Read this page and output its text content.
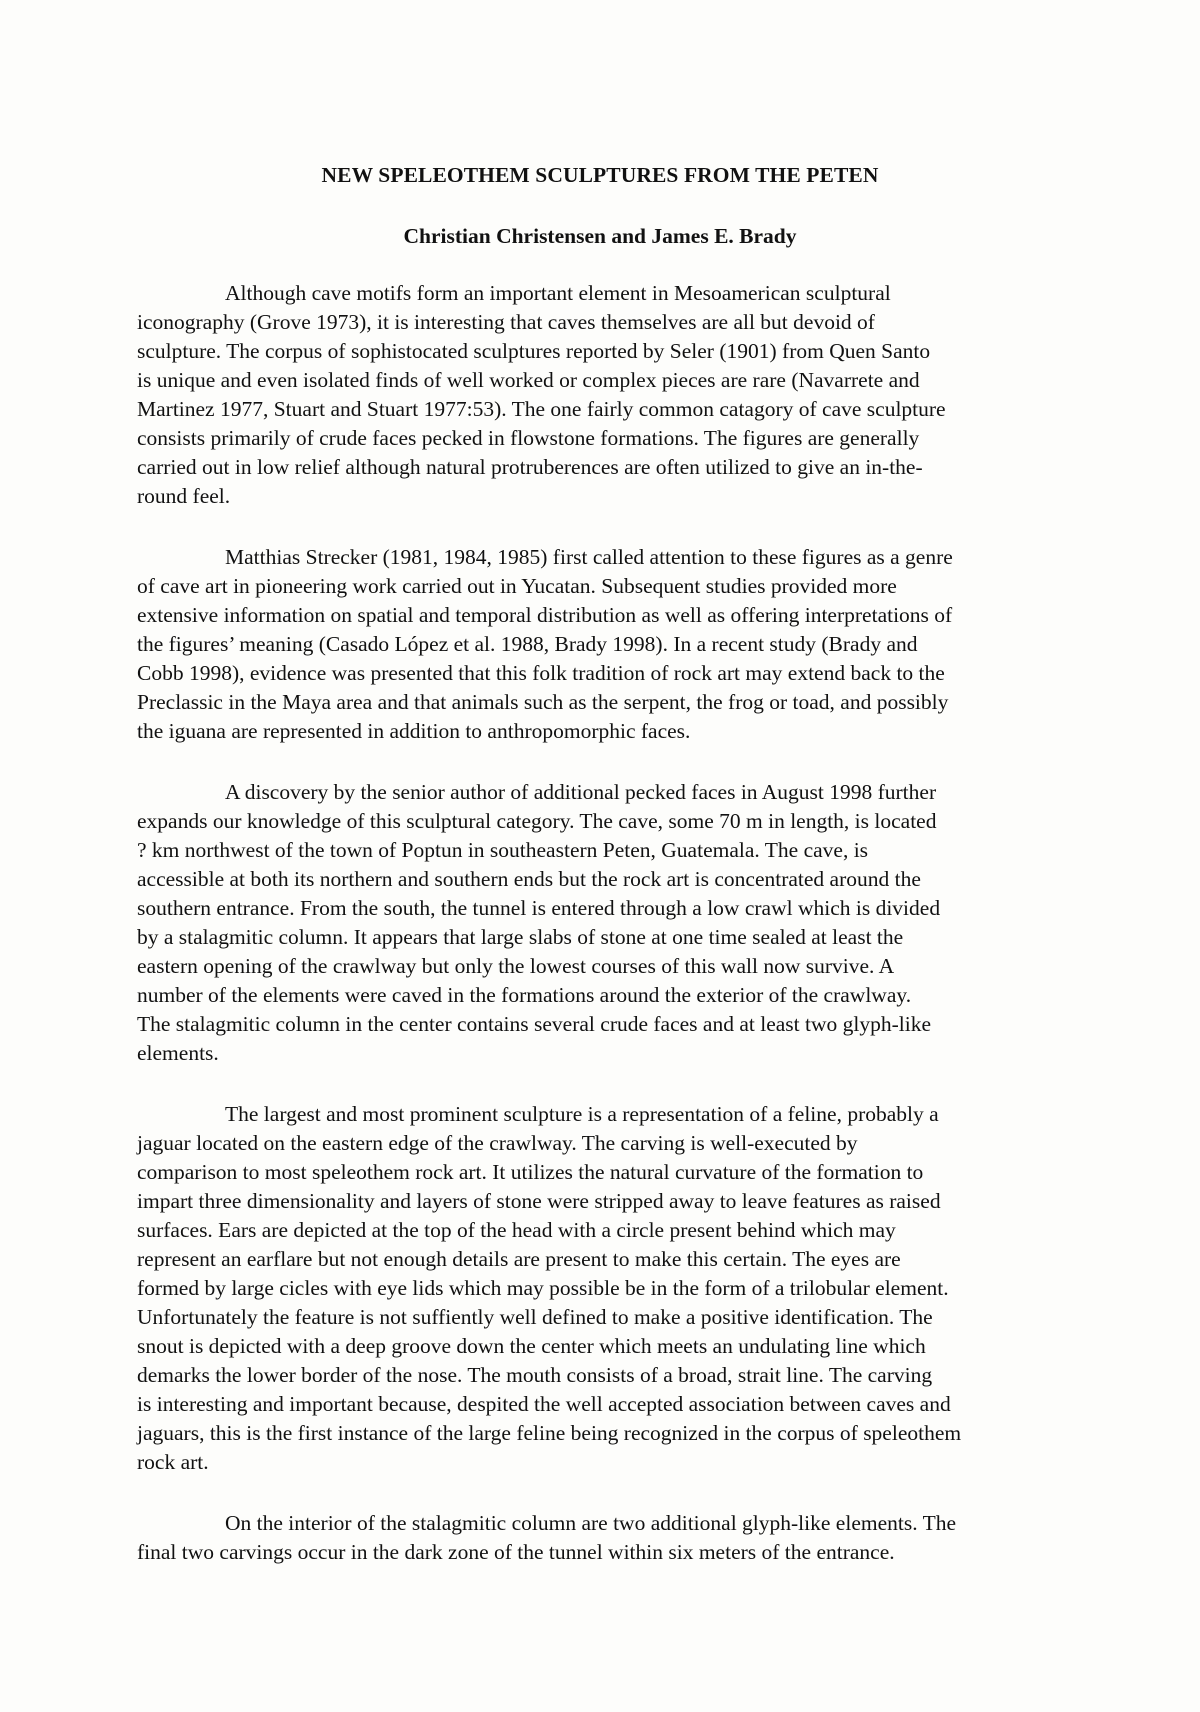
NEW SPELEOTHEM SCULPTURES FROM THE PETEN
Christian Christensen and James E. Brady
Although cave motifs form an important element in Mesoamerican sculptural
iconography (Grove 1973), it is interesting that caves themselves are all but devoid of
sculpture. The corpus of sophistocated sculptures reported by Seler (1901) from Quen Santo
is unique and even isolated finds of well worked or complex pieces are rare (Navarrete and
Martinez 1977, Stuart and Stuart 1977:53). The one fairly common catagory of cave sculpture
consists primarily of crude faces pecked in flowstone formations. The figures are generally
carried out in low relief although natural protruberences are often utilized to give an in-the-
round feel.
Matthias Strecker (1981, 1984, 1985) first called attention to these figures as a genre
of cave art in pioneering work carried out in Yucatan. Subsequent studies provided more
extensive information on spatial and temporal distribution as well as offering interpretations of
the figures’ meaning (Casado López et al. 1988, Brady 1998). In a recent study (Brady and
Cobb 1998), evidence was presented that this folk tradition of rock art may extend back to the
Preclassic in the Maya area and that animals such as the serpent, the frog or toad, and possibly
the iguana are represented in addition to anthropomorphic faces.
A discovery by the senior author of additional pecked faces in August 1998 further
expands our knowledge of this sculptural category. The cave, some 70 m in length, is located
? km northwest of the town of Poptun in southeastern Peten, Guatemala. The cave, is
accessible at both its northern and southern ends but the rock art is concentrated around the
southern entrance. From the south, the tunnel is entered through a low crawl which is divided
by a stalagmitic column. It appears that large slabs of stone at one time sealed at least the
eastern opening of the crawlway but only the lowest courses of this wall now survive. A
number of the elements were caved in the formations around the exterior of the crawlway.
The stalagmitic column in the center contains several crude faces and at least two glyph-like
elements.
The largest and most prominent sculpture is a representation of a feline, probably a
jaguar located on the eastern edge of the crawlway. The carving is well-executed by
comparison to most speleothem rock art. It utilizes the natural curvature of the formation to
impart three dimensionality and layers of stone were stripped away to leave features as raised
surfaces. Ears are depicted at the top of the head with a circle present behind which may
represent an earflare but not enough details are present to make this certain. The eyes are
formed by large cicles with eye lids which may possible be in the form of a trilobular element.
Unfortunately the feature is not suffiently well defined to make a positive identification. The
snout is depicted with a deep groove down the center which meets an undulating line which
demarks the lower border of the nose. The mouth consists of a broad, strait line. The carving
is interesting and important because, despited the well accepted association between caves and
jaguars, this is the first instance of the large feline being recognized in the corpus of speleothem
rock art.
On the interior of the stalagmitic column are two additional glyph-like elements. The
final two carvings occur in the dark zone of the tunnel within six meters of the entrance.
